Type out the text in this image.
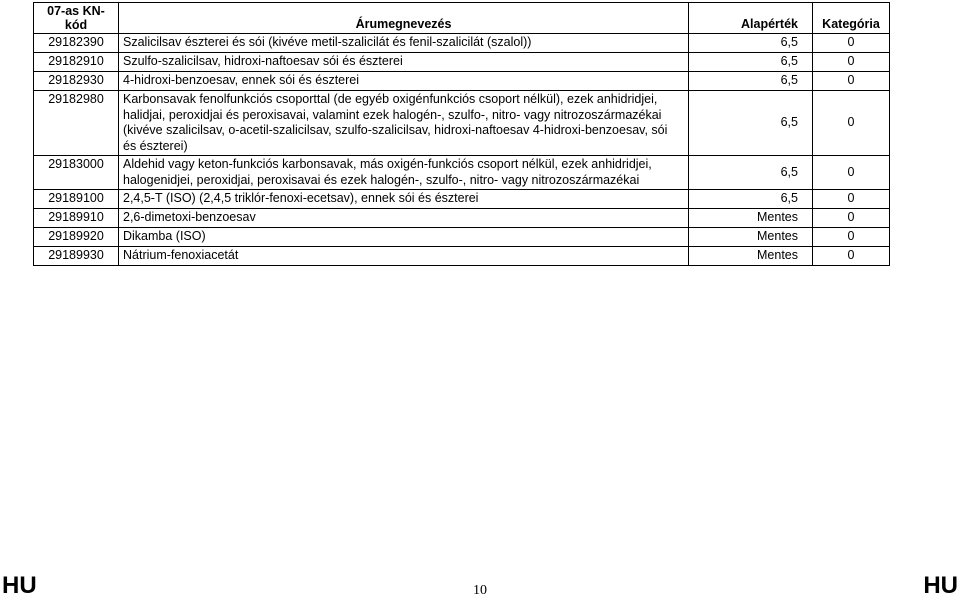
07-as KN-kód	Árumegnevezés	Alapérték	Kategória
29182390	Szalicilsav észterei és sói (kivéve metil-szalicilát és fenil-szalicilát (szalol))	6,5	0
29182910	Szulfo-szalicilsav, hidroxi-naftoesav sói és észterei	6,5	0
29182930	4-hidroxi-benzoesav, ennek sói és észterei	6,5	0
29182980	Karbonsavak fenolfunkciós csoporttal (de egyéb oxigénfunkciós csoport nélkül), ezek anhidridjei, halidjai, peroxidjai és peroxisavai, valamint ezek halogén-, szulfo-, nitro- vagy nitrozoszármazékai (kivéve szalicilsav, o-acetil-szalicilsav, szulfo-szalicilsav, hidroxi-naftoesav 4-hidroxi-benzoesav, sói és észterei)	6,5	0
29183000	Aldehid vagy keton-funkciós karbonsavak, más oxigén-funkciós csoport nélkül, ezek anhidridjei, halogenidjei, peroxidjai, peroxisavai és ezek halogén-, szulfo-, nitro- vagy nitrozoszármazékai	6,5	0
29189100	2,4,5-T (ISO) (2,4,5 triklór-fenoxi-ecetsav), ennek sói és észterei	6,5	0
29189910	2,6-dimetoxi-benzoesav	Mentes	0
29189920	Dikamba (ISO)	Mentes	0
29189930	Nátrium-fenoxiacetát	Mentes	0
HU	10	HU
